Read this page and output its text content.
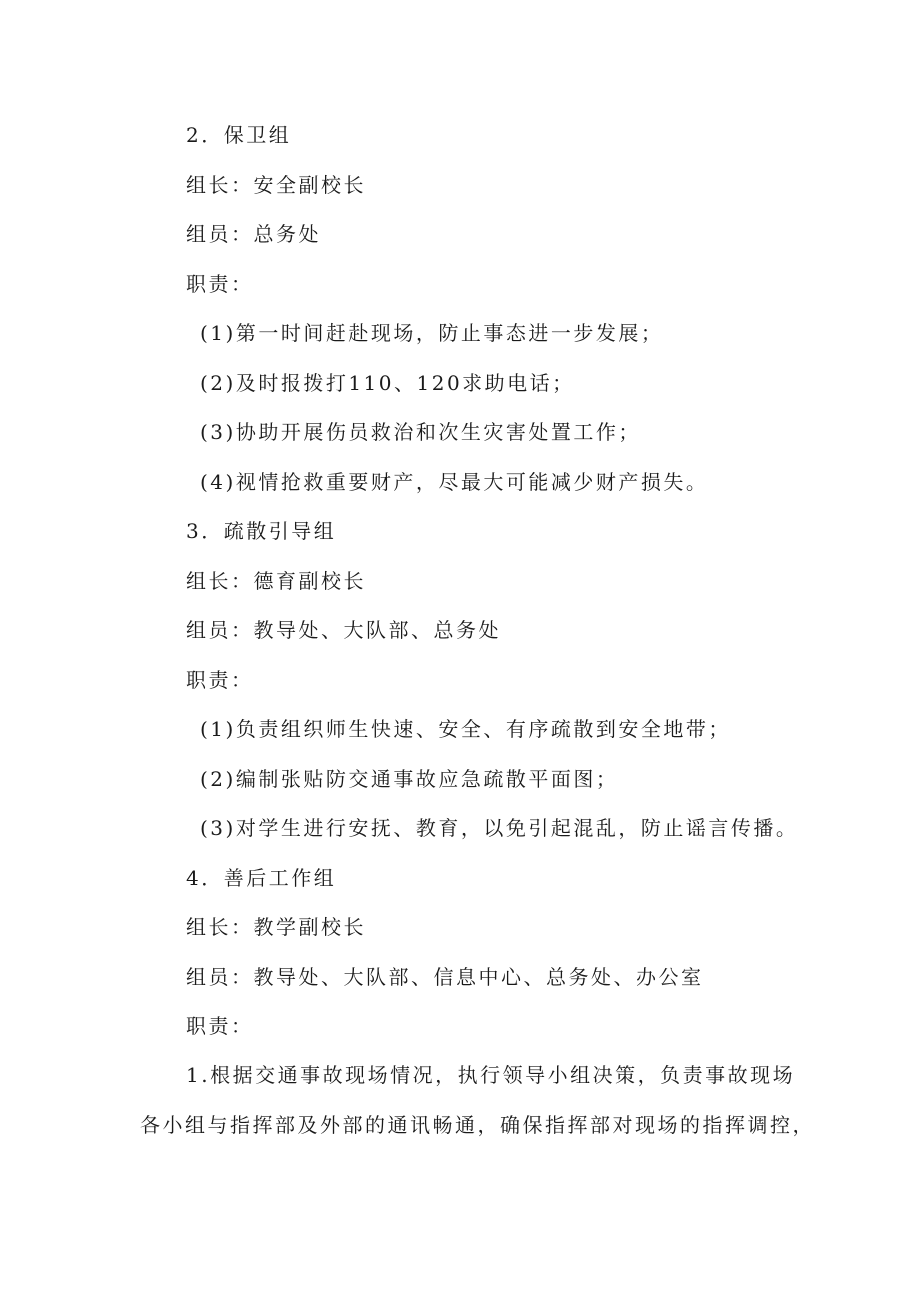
2．保卫组
组长：安全副校长
组员：总务处
职责：
(1)第一时间赶赴现场，防止事态进一步发展；
(2)及时报拨打110、120求助电话；
(3)协助开展伤员救治和次生灾害处置工作；
(4)视情抢救重要财产，尽最大可能减少财产损失。
3．疏散引导组
组长：德育副校长
组员：教导处、大队部、总务处
职责：
(1)负责组织师生快速、安全、有序疏散到安全地带；
(2)编制张贴防交通事故应急疏散平面图；
(3)对学生进行安抚、教育，以免引起混乱，防止谣言传播。
4．善后工作组
组长：教学副校长
组员：教导处、大队部、信息中心、总务处、办公室
职责：
1.根据交通事故现场情况，执行领导小组决策，负责事故现场
各小组与指挥部及外部的通讯畅通，确保指挥部对现场的指挥调控，
